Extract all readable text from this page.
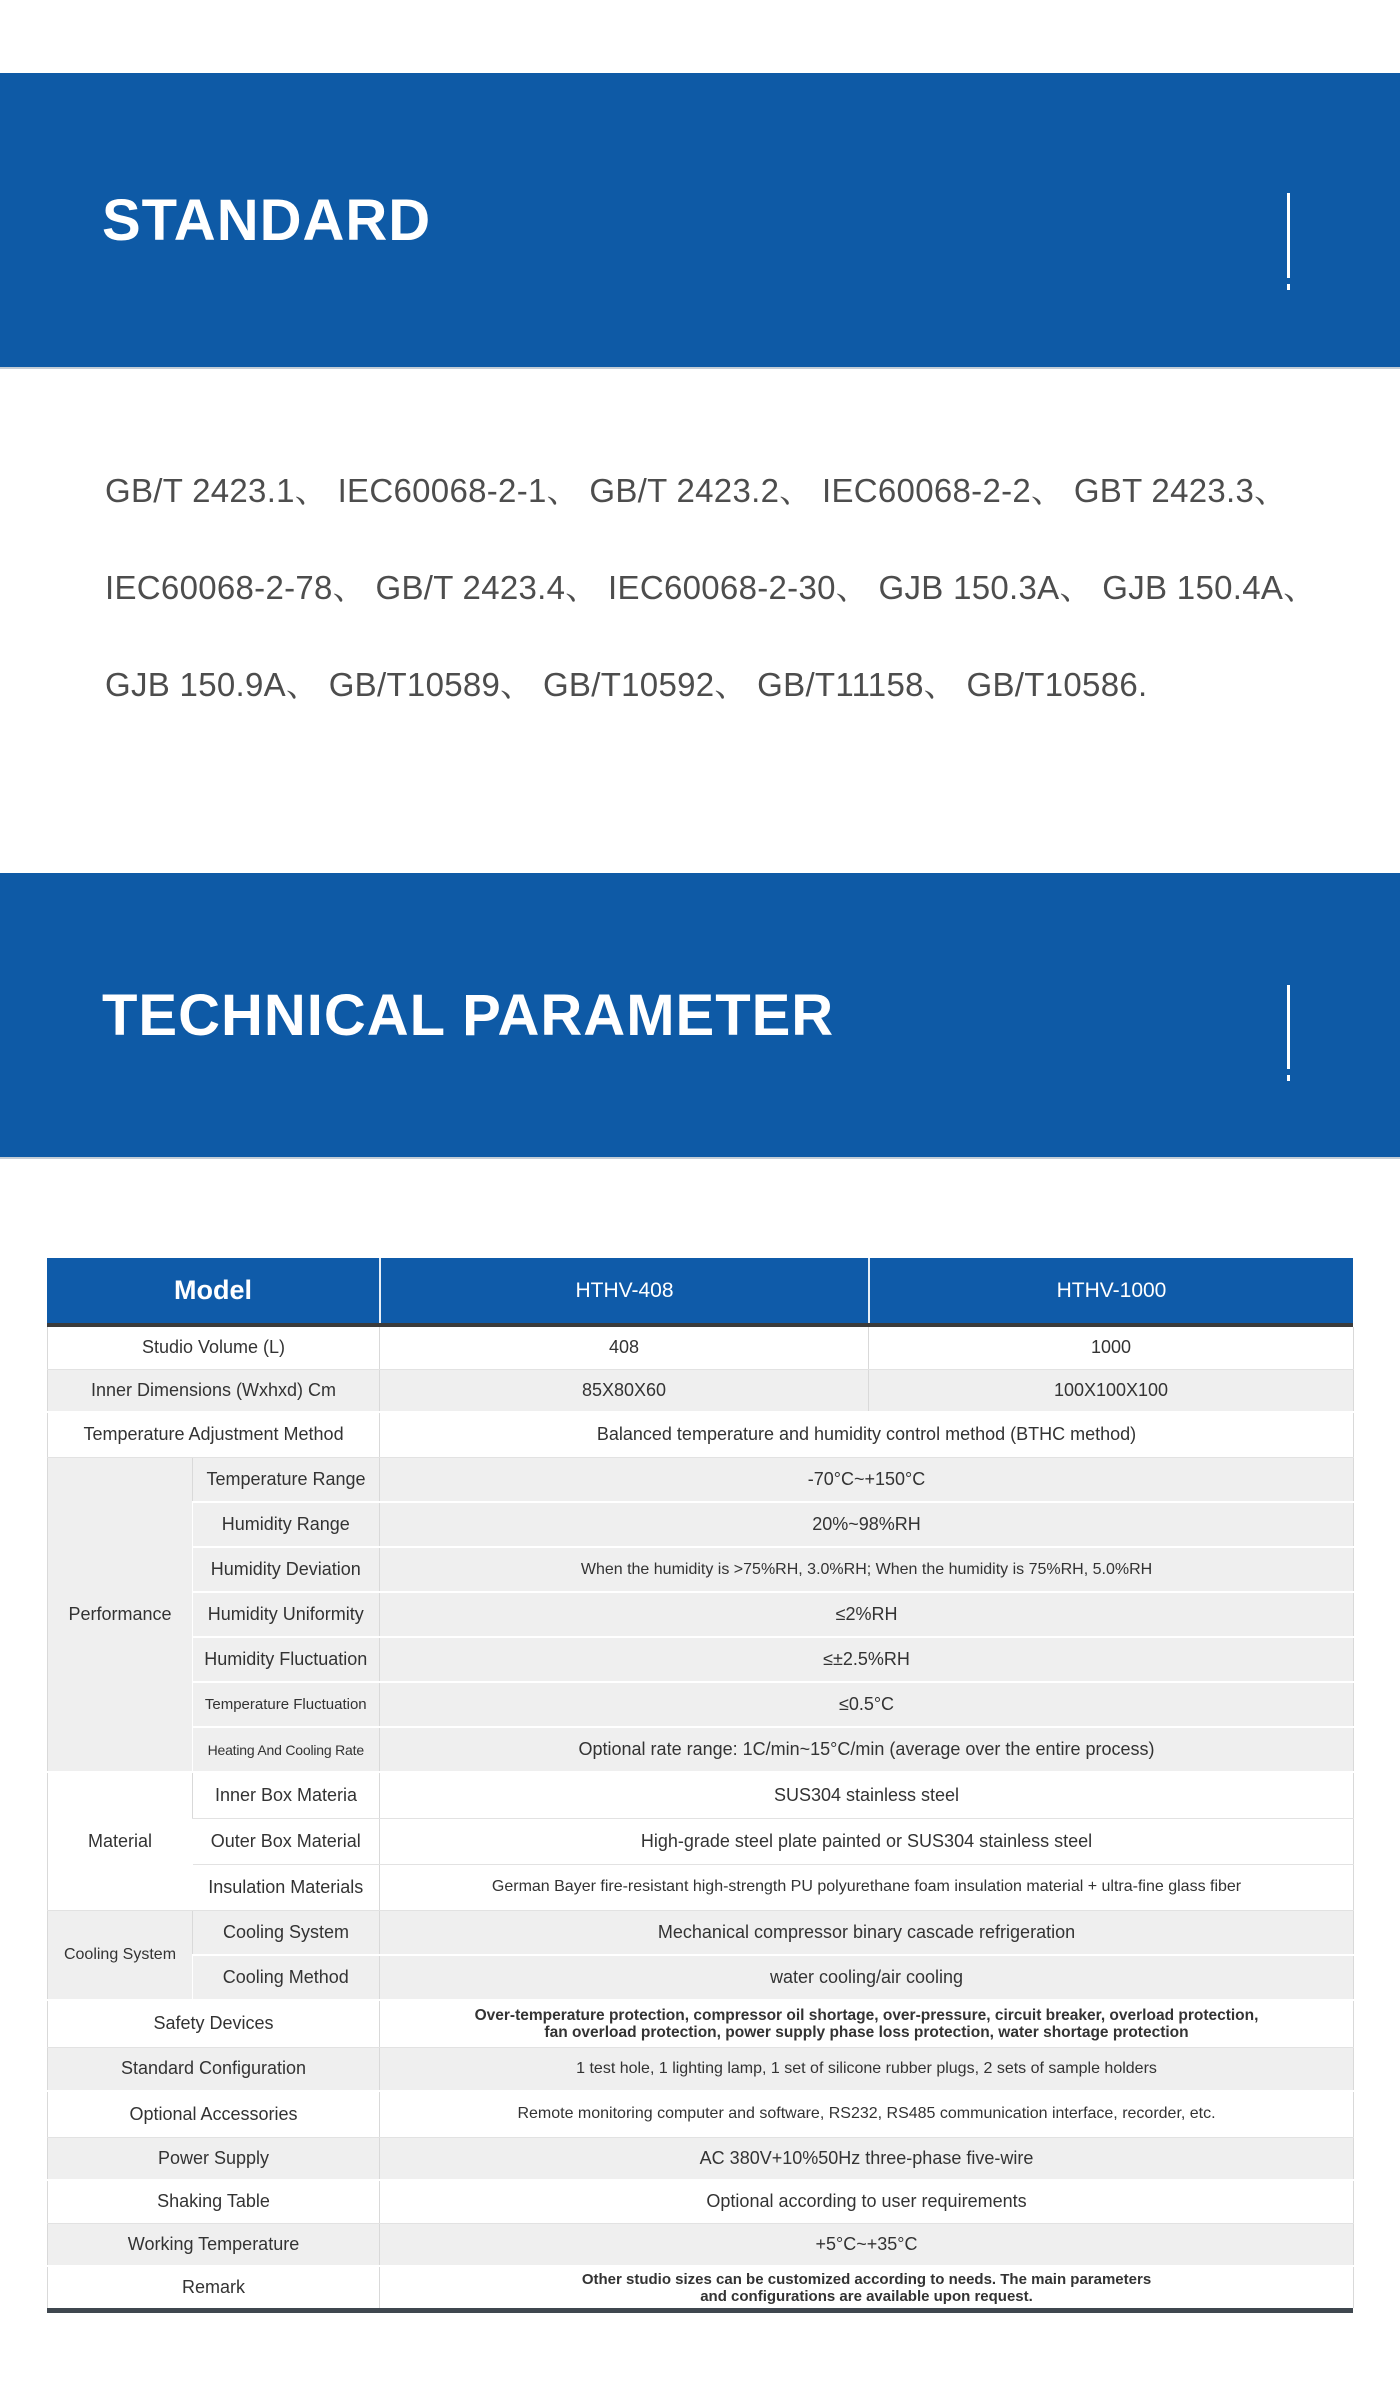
STANDARD
GB/T 2423.1、 IEC60068-2-1、 GB/T 2423.2、 IEC60068-2-2、 GBT 2423.3、
IEC60068-2-78、 GB/T 2423.4、 IEC60068-2-30、 GJB 150.3A、 GJB 150.4A、
GJB 150.9A、 GB/T10589、 GB/T10592、 GB/T11158、 GB/T10586.
TECHNICAL PARAMETER
Model	HTHV-408	HTHV-1000
Studio Volume (L)		408	1000
Inner Dimensions (Wxhxd) Cm		85X80X60	100X100X100
Temperature Adjustment Method		Balanced temperature and humidity control method (BTHC method)	
Performance	Temperature Range	-70°C~+150°C	
	Humidity Range	20%~98%RH	
	Humidity Deviation	When the humidity is >75%RH, 3.0%RH; When the humidity is 75%RH, 5.0%RH	
	Humidity Uniformity	≤2%RH	
	Humidity Fluctuation	≤±2.5%RH	
	Temperature Fluctuation	≤0.5°C	
	Heating And Cooling Rate	Optional rate range: 1C/min~15°C/min (average over the entire process)	
Material	Inner Box Materia	SUS304 stainless steel	
	Outer Box Material	High-grade steel plate painted or SUS304 stainless steel	
	Insulation Materials	German Bayer fire-resistant high-strength PU polyurethane foam insulation material + ultra-fine glass fiber	
Cooling System	Cooling System	Mechanical compressor binary cascade refrigeration	
	Cooling Method	water cooling/air cooling	
Safety Devices		Over-temperature protection, compressor oil shortage, over-pressure, circuit breaker, overload protection,
fan overload protection, power supply phase loss protection, water shortage protection	

Standard Configuration		1 test hole, 1 lighting lamp, 1 set of silicone rubber plugs, 2 sets of sample holders	
Optional Accessories		Remote monitoring computer and software, RS232, RS485 communication interface, recorder, etc.	
Power Supply		AC 380V+10%50Hz three-phase five-wire	
Shaking Table		Optional according to user requirements	
Working Temperature		+5°C~+35°C	
Remark		Other studio sizes can be customized according to needs. The main parameters
and configurations are available upon request.	
